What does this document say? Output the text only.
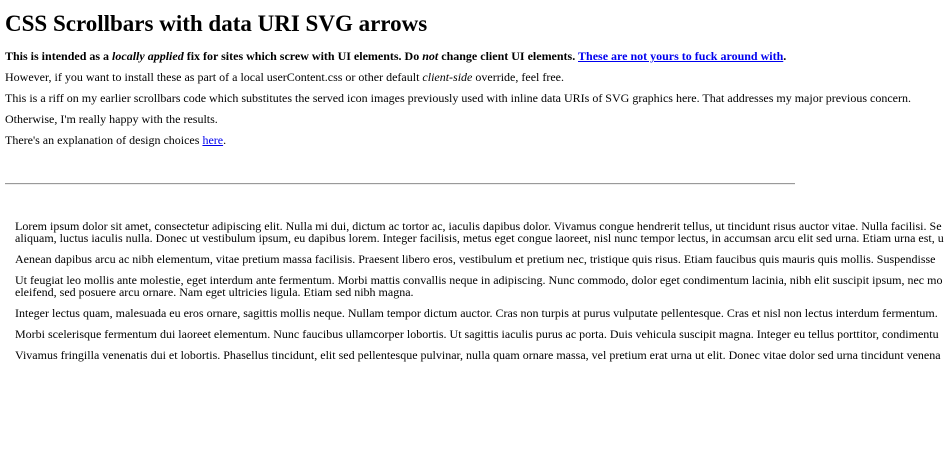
CSS Scrollbars with data URI SVG arrows

This is intended as a locally applied fix for sites which screw with UI elements. Do not change client UI elements. These are not yours to fuck around with.

However, if you want to install these as part of a local userContent.css or other default client-side override, feel free.

This is a riff on my earlier scrollbars code which substitutes the served icon images previously used with inline data URIs of SVG graphics here. That addresses my major previous concern.

Otherwise, I'm really happy with the results.

There's an explanation of design choices here.

Lorem ipsum dolor sit amet, consectetur adipiscing elit. Nulla mi dui, dictum ac tortor ac, iaculis dapibus dolor. Vivamus congue hendrerit tellus, ut tincidunt risus auctor vitae. Nulla facilisi. Se
aliquam, luctus iaculis nulla. Donec ut vestibulum ipsum, eu dapibus lorem. Integer facilisis, metus eget congue laoreet, nisl nunc tempor lectus, in accumsan arcu elit sed urna. Etiam urna est, u

Aenean dapibus arcu ac nibh elementum, vitae pretium massa facilisis. Praesent libero eros, vestibulum et pretium nec, tristique quis risus. Etiam faucibus quis mauris quis mollis. Suspendisse

Ut feugiat leo mollis ante molestie, eget interdum ante fermentum. Morbi mattis convallis neque in adipiscing. Nunc commodo, dolor eget condimentum lacinia, nibh elit suscipit ipsum, nec mo
eleifend, sed posuere arcu ornare. Nam eget ultricies ligula. Etiam sed nibh magna.

Integer lectus quam, malesuada eu eros ornare, sagittis mollis neque. Nullam tempor dictum auctor. Cras non turpis at purus vulputate pellentesque. Cras et nisl non lectus interdum fermentum.

Morbi scelerisque fermentum dui laoreet elementum. Nunc faucibus ullamcorper lobortis. Ut sagittis iaculis purus ac porta. Duis vehicula suscipit magna. Integer eu tellus porttitor, condimentu

Vivamus fringilla venenatis dui et lobortis. Phasellus tincidunt, elit sed pellentesque pulvinar, nulla quam ornare massa, vel pretium erat urna ut elit. Donec vitae dolor sed urna tincidunt venena
